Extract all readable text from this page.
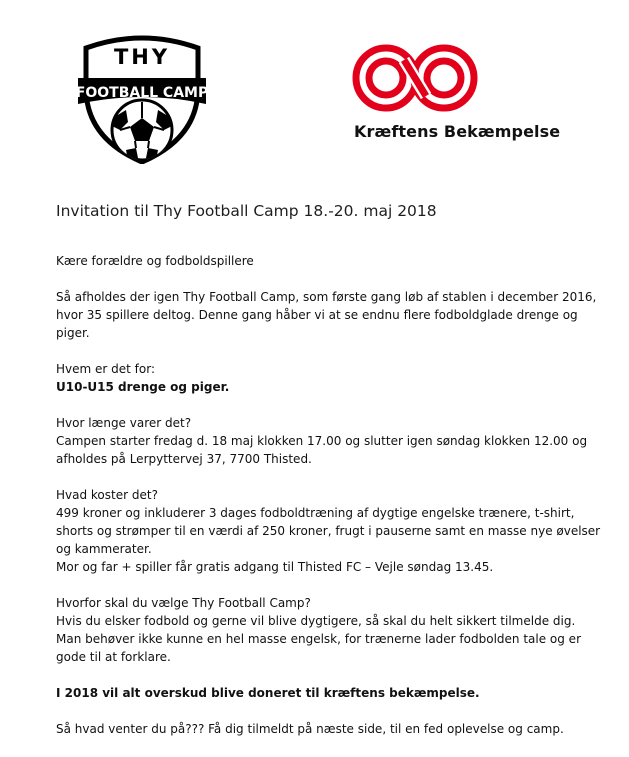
THY
FOOTBALL CAMP
Kræftens Bekæmpelse
Invitation til Thy Football Camp 18.-20. maj 2018

Kære forældre og fodboldspillere

Så afholdes der igen Thy Football Camp, som første gang løb af stablen i december 2016,

hvor 35 spillere deltog. Denne gang håber vi at se endnu flere fodboldglade drenge og

piger.

Hvem er det for:

U10-U15 drenge og piger.

Hvor længe varer det?

Campen starter fredag d. 18 maj klokken 17.00 og slutter igen søndag klokken 12.00 og

afholdes på Lerpyttervej 37, 7700 Thisted.

Hvad koster det?

499 kroner og inkluderer 3 dages fodboldtræning af dygtige engelske trænere, t-shirt,

shorts og strømper til en værdi af 250 kroner, frugt i pauserne samt en masse nye øvelser

og kammerater.

Mor og far + spiller får gratis adgang til Thisted FC – Vejle søndag 13.45.

Hvorfor skal du vælge Thy Football Camp?

Hvis du elsker fodbold og gerne vil blive dygtigere, så skal du helt sikkert tilmelde dig.

Man behøver ikke kunne en hel masse engelsk, for trænerne lader fodbolden tale og er

gode til at forklare.

I 2018 vil alt overskud blive doneret til kræftens bekæmpelse.

Så hvad venter du på??? Få dig tilmeldt på næste side, til en fed oplevelse og camp.
